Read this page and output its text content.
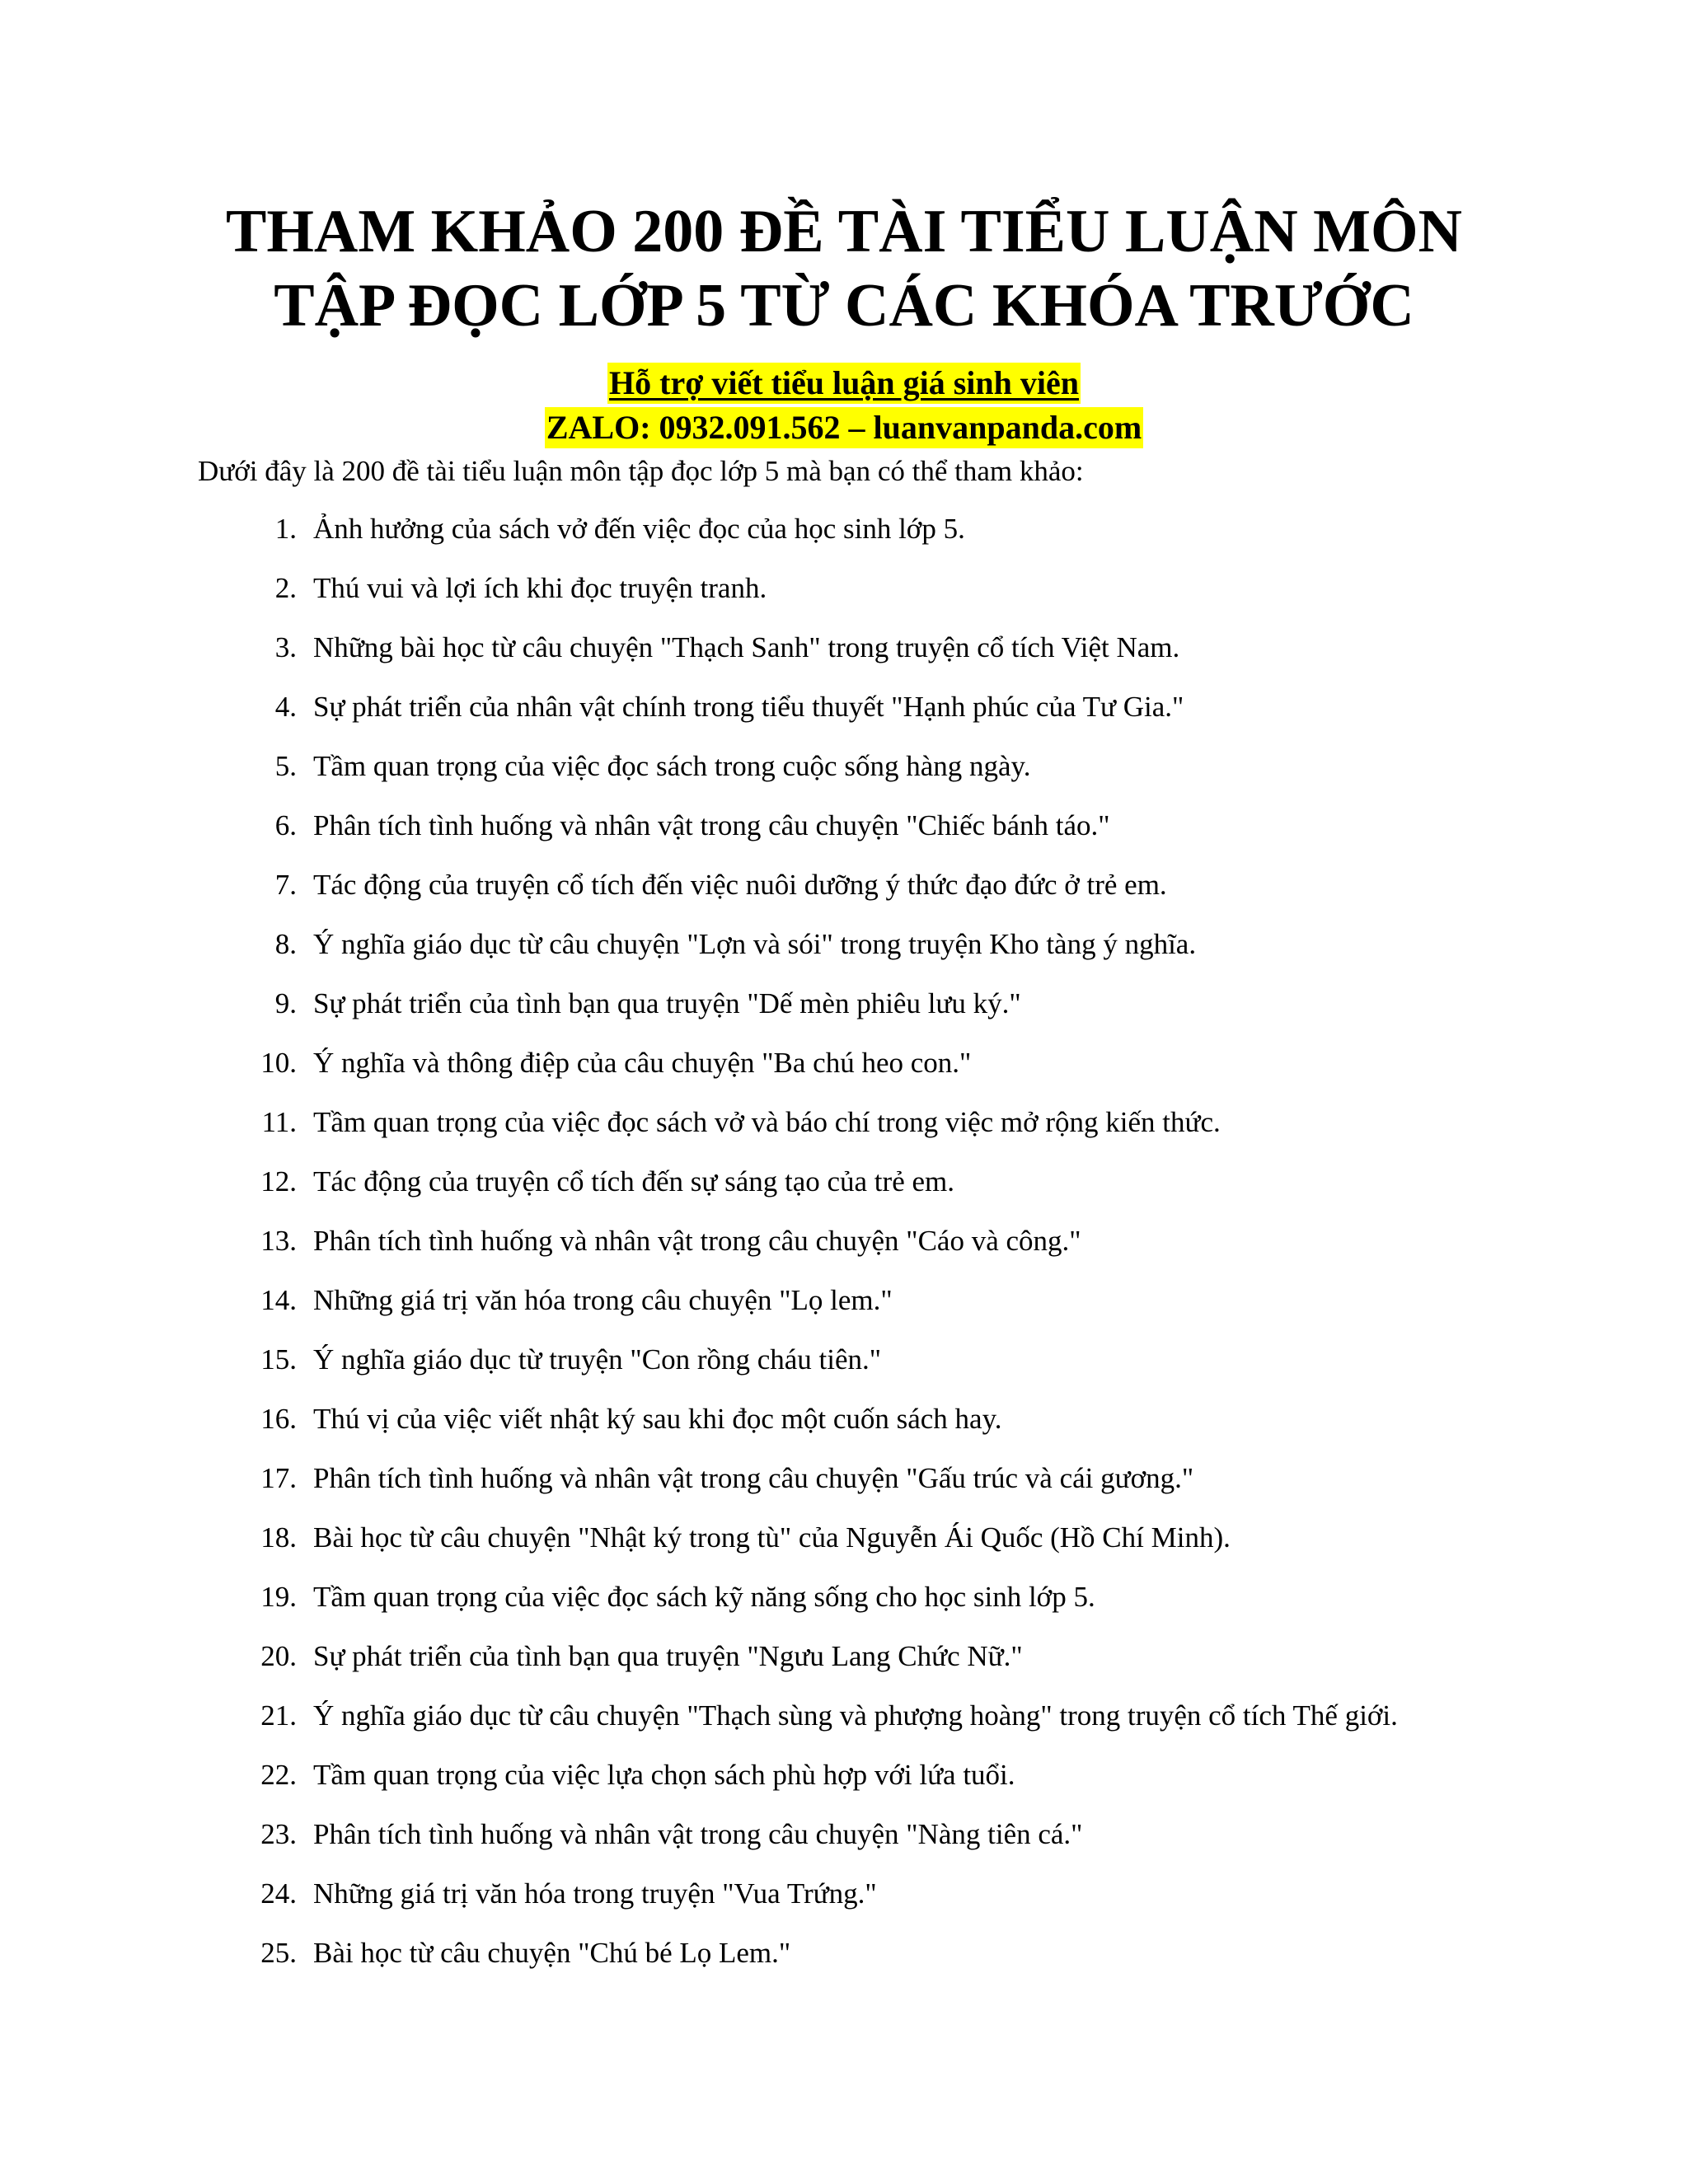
THAM KHẢO 200 ĐỀ TÀI TIỂU LUẬN MÔN
TẬP ĐỌC LỚP 5 TỪ CÁC KHÓA TRƯỚC
Hỗ trợ viết tiểu luận giá sinh viên
ZALO: 0932.091.562 – luanvanpanda.com

Dưới đây là 200 đề tài tiểu luận môn tập đọc lớp 5 mà bạn có thể tham khảo:

1. Ảnh hưởng của sách vở đến việc đọc của học sinh lớp 5.
2. Thú vui và lợi ích khi đọc truyện tranh.
3. Những bài học từ câu chuyện "Thạch Sanh" trong truyện cổ tích Việt Nam.
4. Sự phát triển của nhân vật chính trong tiểu thuyết "Hạnh phúc của Tư Gia."
5. Tầm quan trọng của việc đọc sách trong cuộc sống hàng ngày.
6. Phân tích tình huống và nhân vật trong câu chuyện "Chiếc bánh táo."
7. Tác động của truyện cổ tích đến việc nuôi dưỡng ý thức đạo đức ở trẻ em.
8. Ý nghĩa giáo dục từ câu chuyện "Lợn và sói" trong truyện Kho tàng ý nghĩa.
9. Sự phát triển của tình bạn qua truyện "Dế mèn phiêu lưu ký."
10. Ý nghĩa và thông điệp của câu chuyện "Ba chú heo con."
11. Tầm quan trọng của việc đọc sách vở và báo chí trong việc mở rộng kiến thức.
12. Tác động của truyện cổ tích đến sự sáng tạo của trẻ em.
13. Phân tích tình huống và nhân vật trong câu chuyện "Cáo và công."
14. Những giá trị văn hóa trong câu chuyện "Lọ lem."
15. Ý nghĩa giáo dục từ truyện "Con rồng cháu tiên."
16. Thú vị của việc viết nhật ký sau khi đọc một cuốn sách hay.
17. Phân tích tình huống và nhân vật trong câu chuyện "Gấu trúc và cái gương."
18. Bài học từ câu chuyện "Nhật ký trong tù" của Nguyễn Ái Quốc (Hồ Chí Minh).
19. Tầm quan trọng của việc đọc sách kỹ năng sống cho học sinh lớp 5.
20. Sự phát triển của tình bạn qua truyện "Ngưu Lang Chức Nữ."
21. Ý nghĩa giáo dục từ câu chuyện "Thạch sùng và phượng hoàng" trong truyện cổ tích Thế giới.
22. Tầm quan trọng của việc lựa chọn sách phù hợp với lứa tuổi.
23. Phân tích tình huống và nhân vật trong câu chuyện "Nàng tiên cá."
24. Những giá trị văn hóa trong truyện "Vua Trứng."
25. Bài học từ câu chuyện "Chú bé Lọ Lem."
